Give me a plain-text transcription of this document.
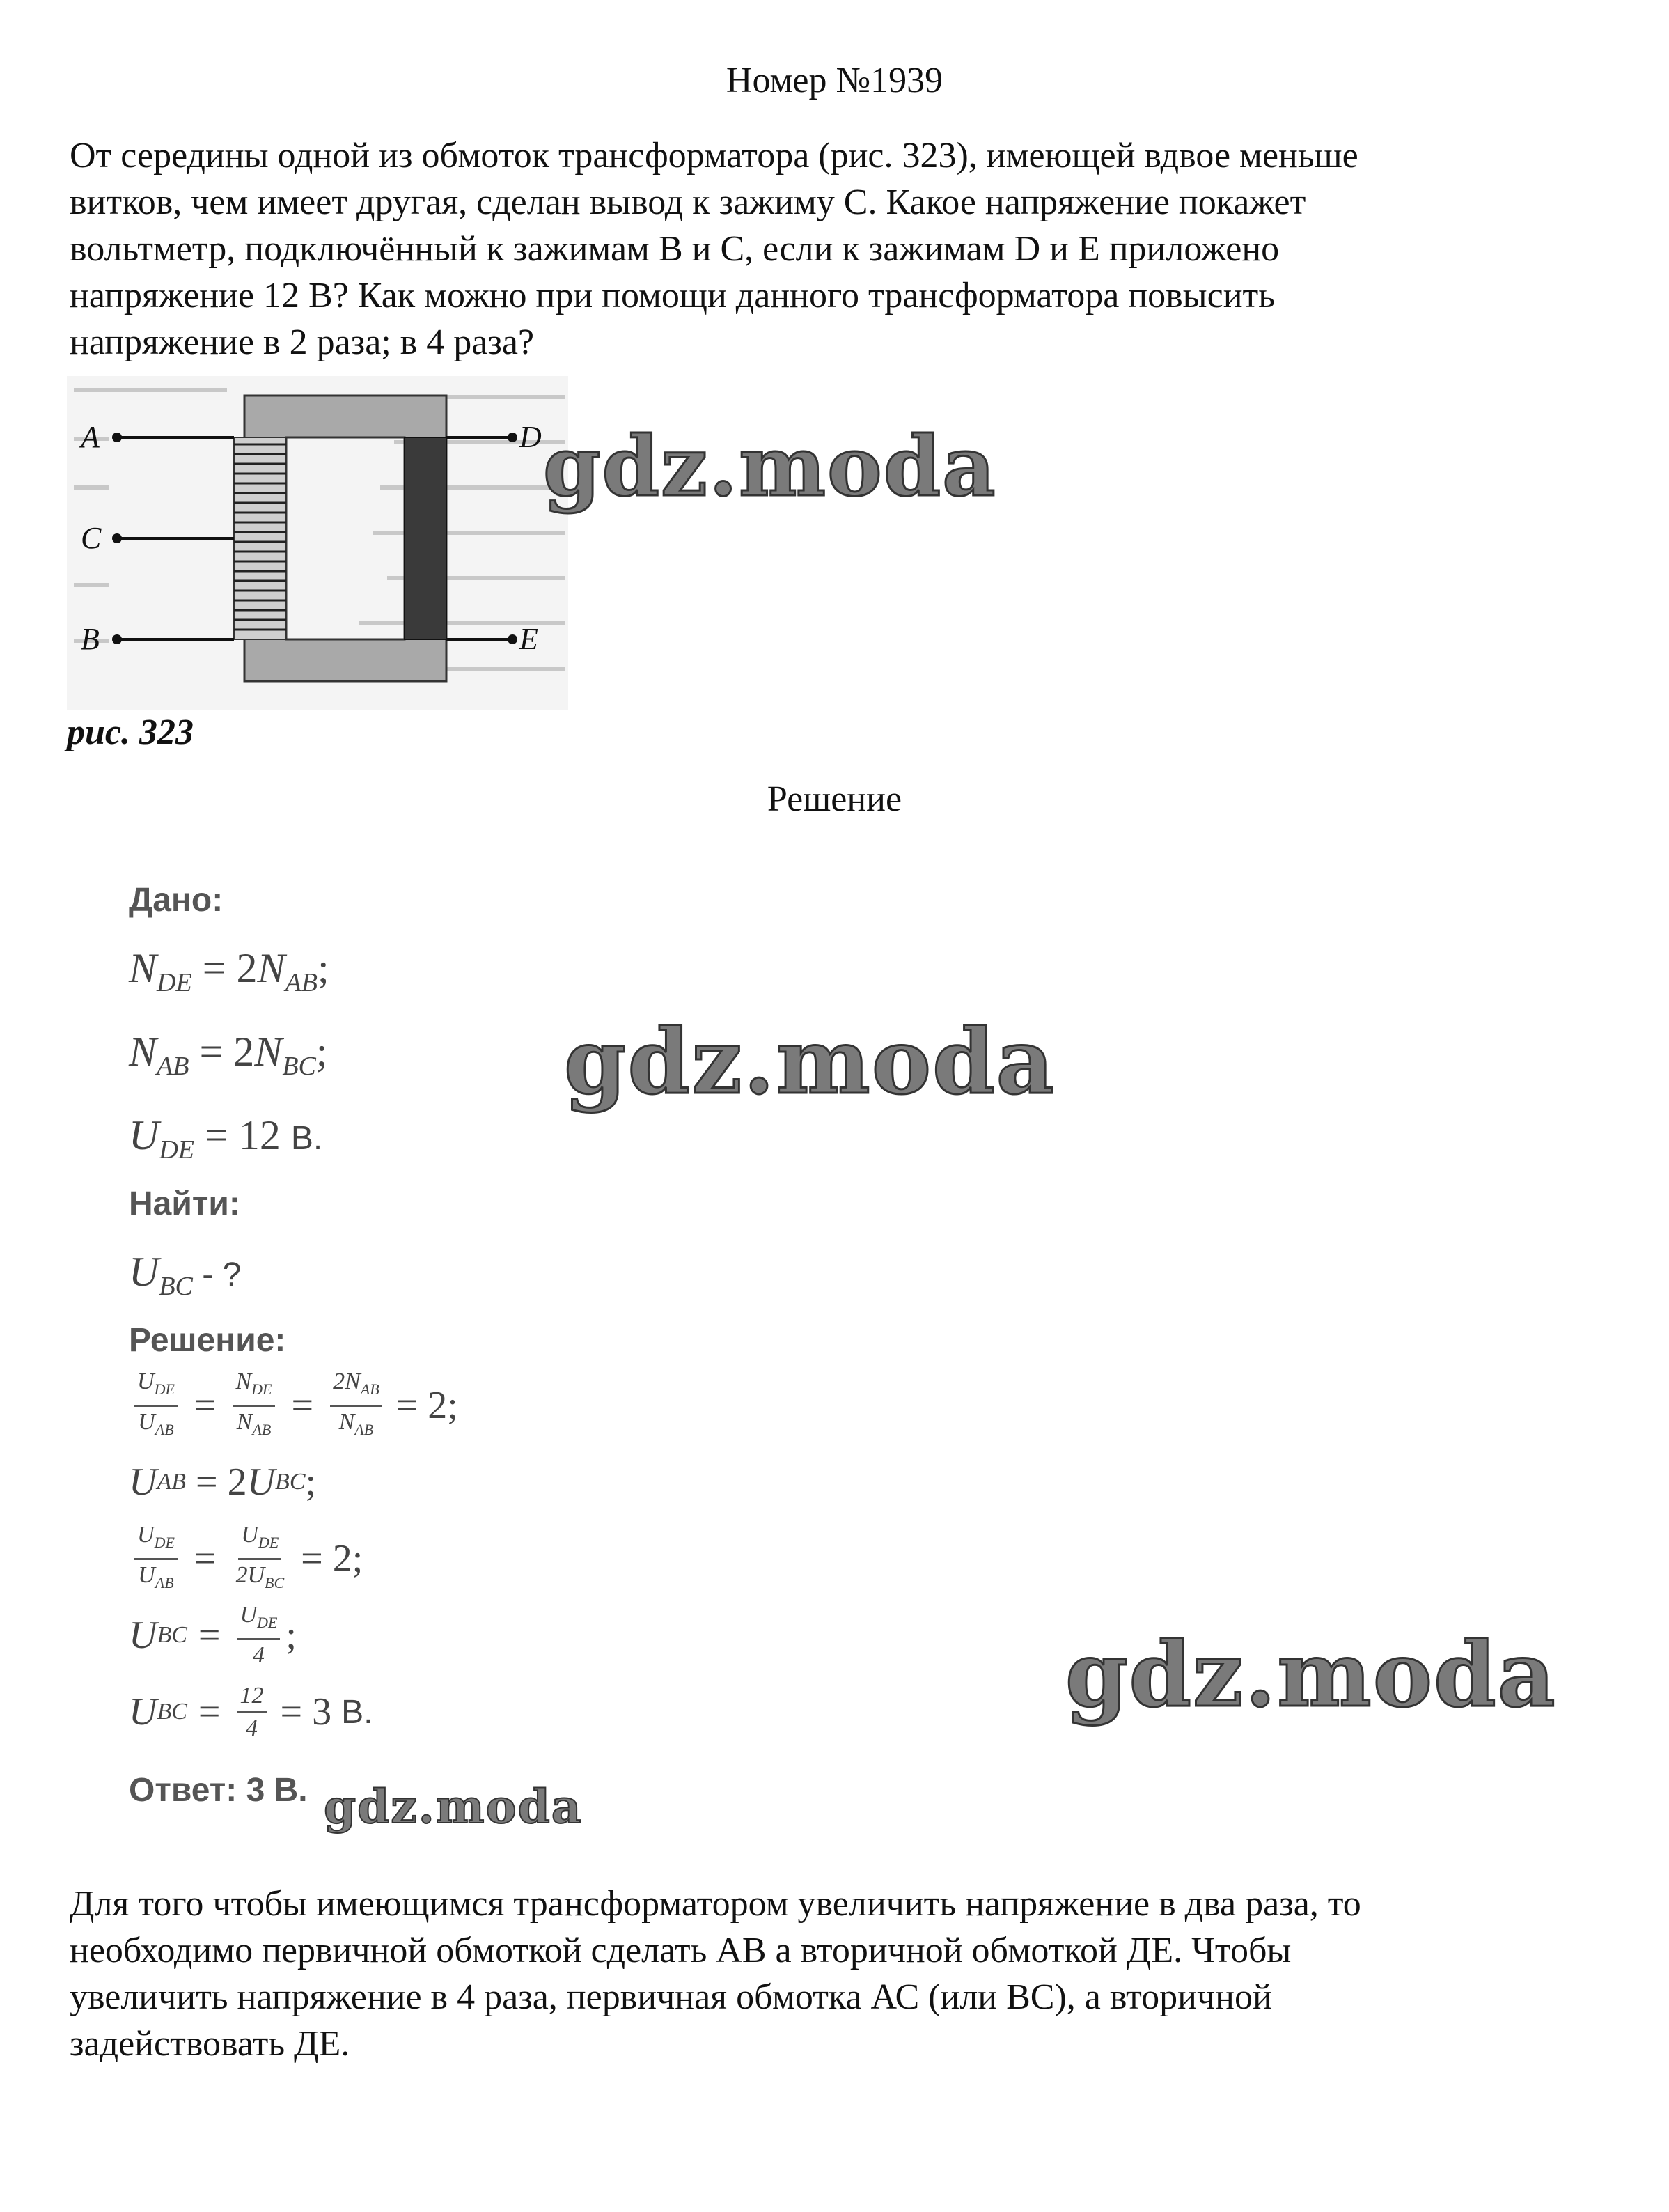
Номер №1939

От середины одной из обмоток трансформатора (рис. 323), имеющей вдвое меньше

витков, чем имеет другая, сделан вывод к зажиму С. Какое напряжение покажет

вольтметр, подключённый к зажимам В и С, если к зажимам D и E приложено

напряжение 12 В? Как можно при помощи данного трансформатора повысить

напряжение в 2 раза; в 4 раза?

A
C
B
D
E
gdz.moda
рис. 323
Решение
Дано:
$N_{DE} = 2N_{AB}$;
$N_{AB} = 2N_{BC}$;
$U_{DE} = 12$ В.
Найти:
$U_{BC}$ - ?
Решение:
$\frac{U_{DE}}{U_{AB}} = \frac{N_{DE}}{N_{AB}} = \frac{2N_{AB}}{N_{AB}} = 2$;
U AB
= 2 U BC ;
$\frac{U_{DE}}{U_{AB}} = \frac{U_{DE}}{2U_{BC}} = 2$;
U BC = $\frac{U_{DE}}{4}$ ;
U BC = $\frac{12}{4} = 3$
В.
Ответ: 3 В.
gdz.moda
gdz.moda
gdz.moda

Для того чтобы имеющимся трансформатором увеличить напряжение в два раза, то

необходимо первичной обмоткой сделать АВ а вторичной обмоткой ДЕ. Чтобы

увеличить напряжение в 4 раза, первичная обмотка АС (или ВС), а вторичной

задействовать ДЕ.
